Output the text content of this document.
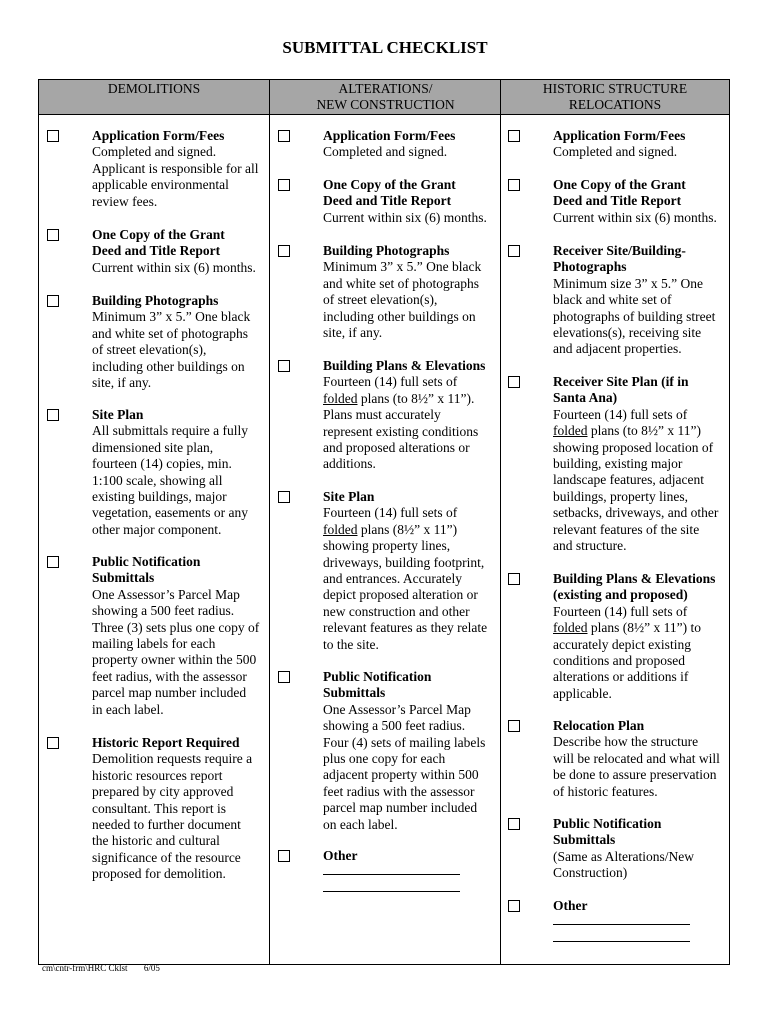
SUBMITTAL CHECKLIST
DEMOLITIONS	ALTERATIONS/
NEW CONSTRUCTION
HISTORIC STRUCTURE
RELOCATIONS
Application Form/Fees
Completed and signed.
Applicant is responsible for all
applicable environmental
review fees.
One Copy of the Grant
Deed and Title Report
Current within six (6) months.
Building Photographs
Minimum 3” x 5.” One black
and white set of photographs
of street elevation(s),
including other buildings on
site, if any.
Site Plan
All submittals require a fully
dimensioned site plan,
fourteen (14) copies, min.
1:100 scale, showing all
existing buildings, major
vegetation, easements or any
other major component.
Public Notification
Submittals
One Assessor’s Parcel Map
showing a 500 feet radius.
Three (3) sets plus one copy of
mailing labels for each
property owner within the 500
feet radius, with the assessor
parcel map number included
in each label.
Historic Report Required
Demolition requests require a
historic resources report
prepared by city approved
consultant. This report is
needed to further document
the historic and cultural
significance of the resource
proposed for demolition.
Application Form/Fees
Completed and signed.
One Copy of the Grant
Deed and Title Report
Current within six (6) months.
Building Photographs
Minimum 3” x 5.” One black
and white set of photographs
of street elevation(s),
including other buildings on
site, if any.
Building Plans & Elevations
Fourteen (14) full sets of
folded plans (to 8½” x 11”).
Plans must accurately
represent existing conditions
and proposed alterations or
additions.
Site Plan
Fourteen (14) full sets of
folded plans (8½” x 11”)
showing property lines,
driveways, building footprint,
and entrances. Accurately
depict proposed alteration or
new construction and other
relevant features as they relate
to the site.
Public Notification
Submittals
One Assessor’s Parcel Map
showing a 500 feet radius.
Four (4) sets of mailing labels
plus one copy for each
adjacent property within 500
feet radius with the assessor
parcel map number included
on each label.
Other
Application Form/Fees
Completed and signed.
One Copy of the Grant
Deed and Title Report
Current within six (6) months.
Receiver Site/Building-
Photographs
Minimum size 3” x 5.” One
black and white set of
photographs of building street
elevations(s), receiving site
and adjacent properties.
Receiver Site Plan (if in
Santa Ana)
Fourteen (14) full sets of
folded plans (to 8½” x 11”)
showing proposed location of
building, existing major
landscape features, adjacent
buildings, property lines,
setbacks, driveways, and other
relevant features of the site
and structure.
Building Plans & Elevations
(existing and proposed)
Fourteen (14) full sets of
folded plans (8½” x 11”) to
accurately depict existing
conditions and proposed
alterations or additions if
applicable.
Relocation Plan
Describe how the structure
will be relocated and what will
be done to assure preservation
of historic features.
Public Notification
Submittals
(Same as Alterations/New
Construction)
Other
cm\cntr-frm\HRC Cklst 6/05
